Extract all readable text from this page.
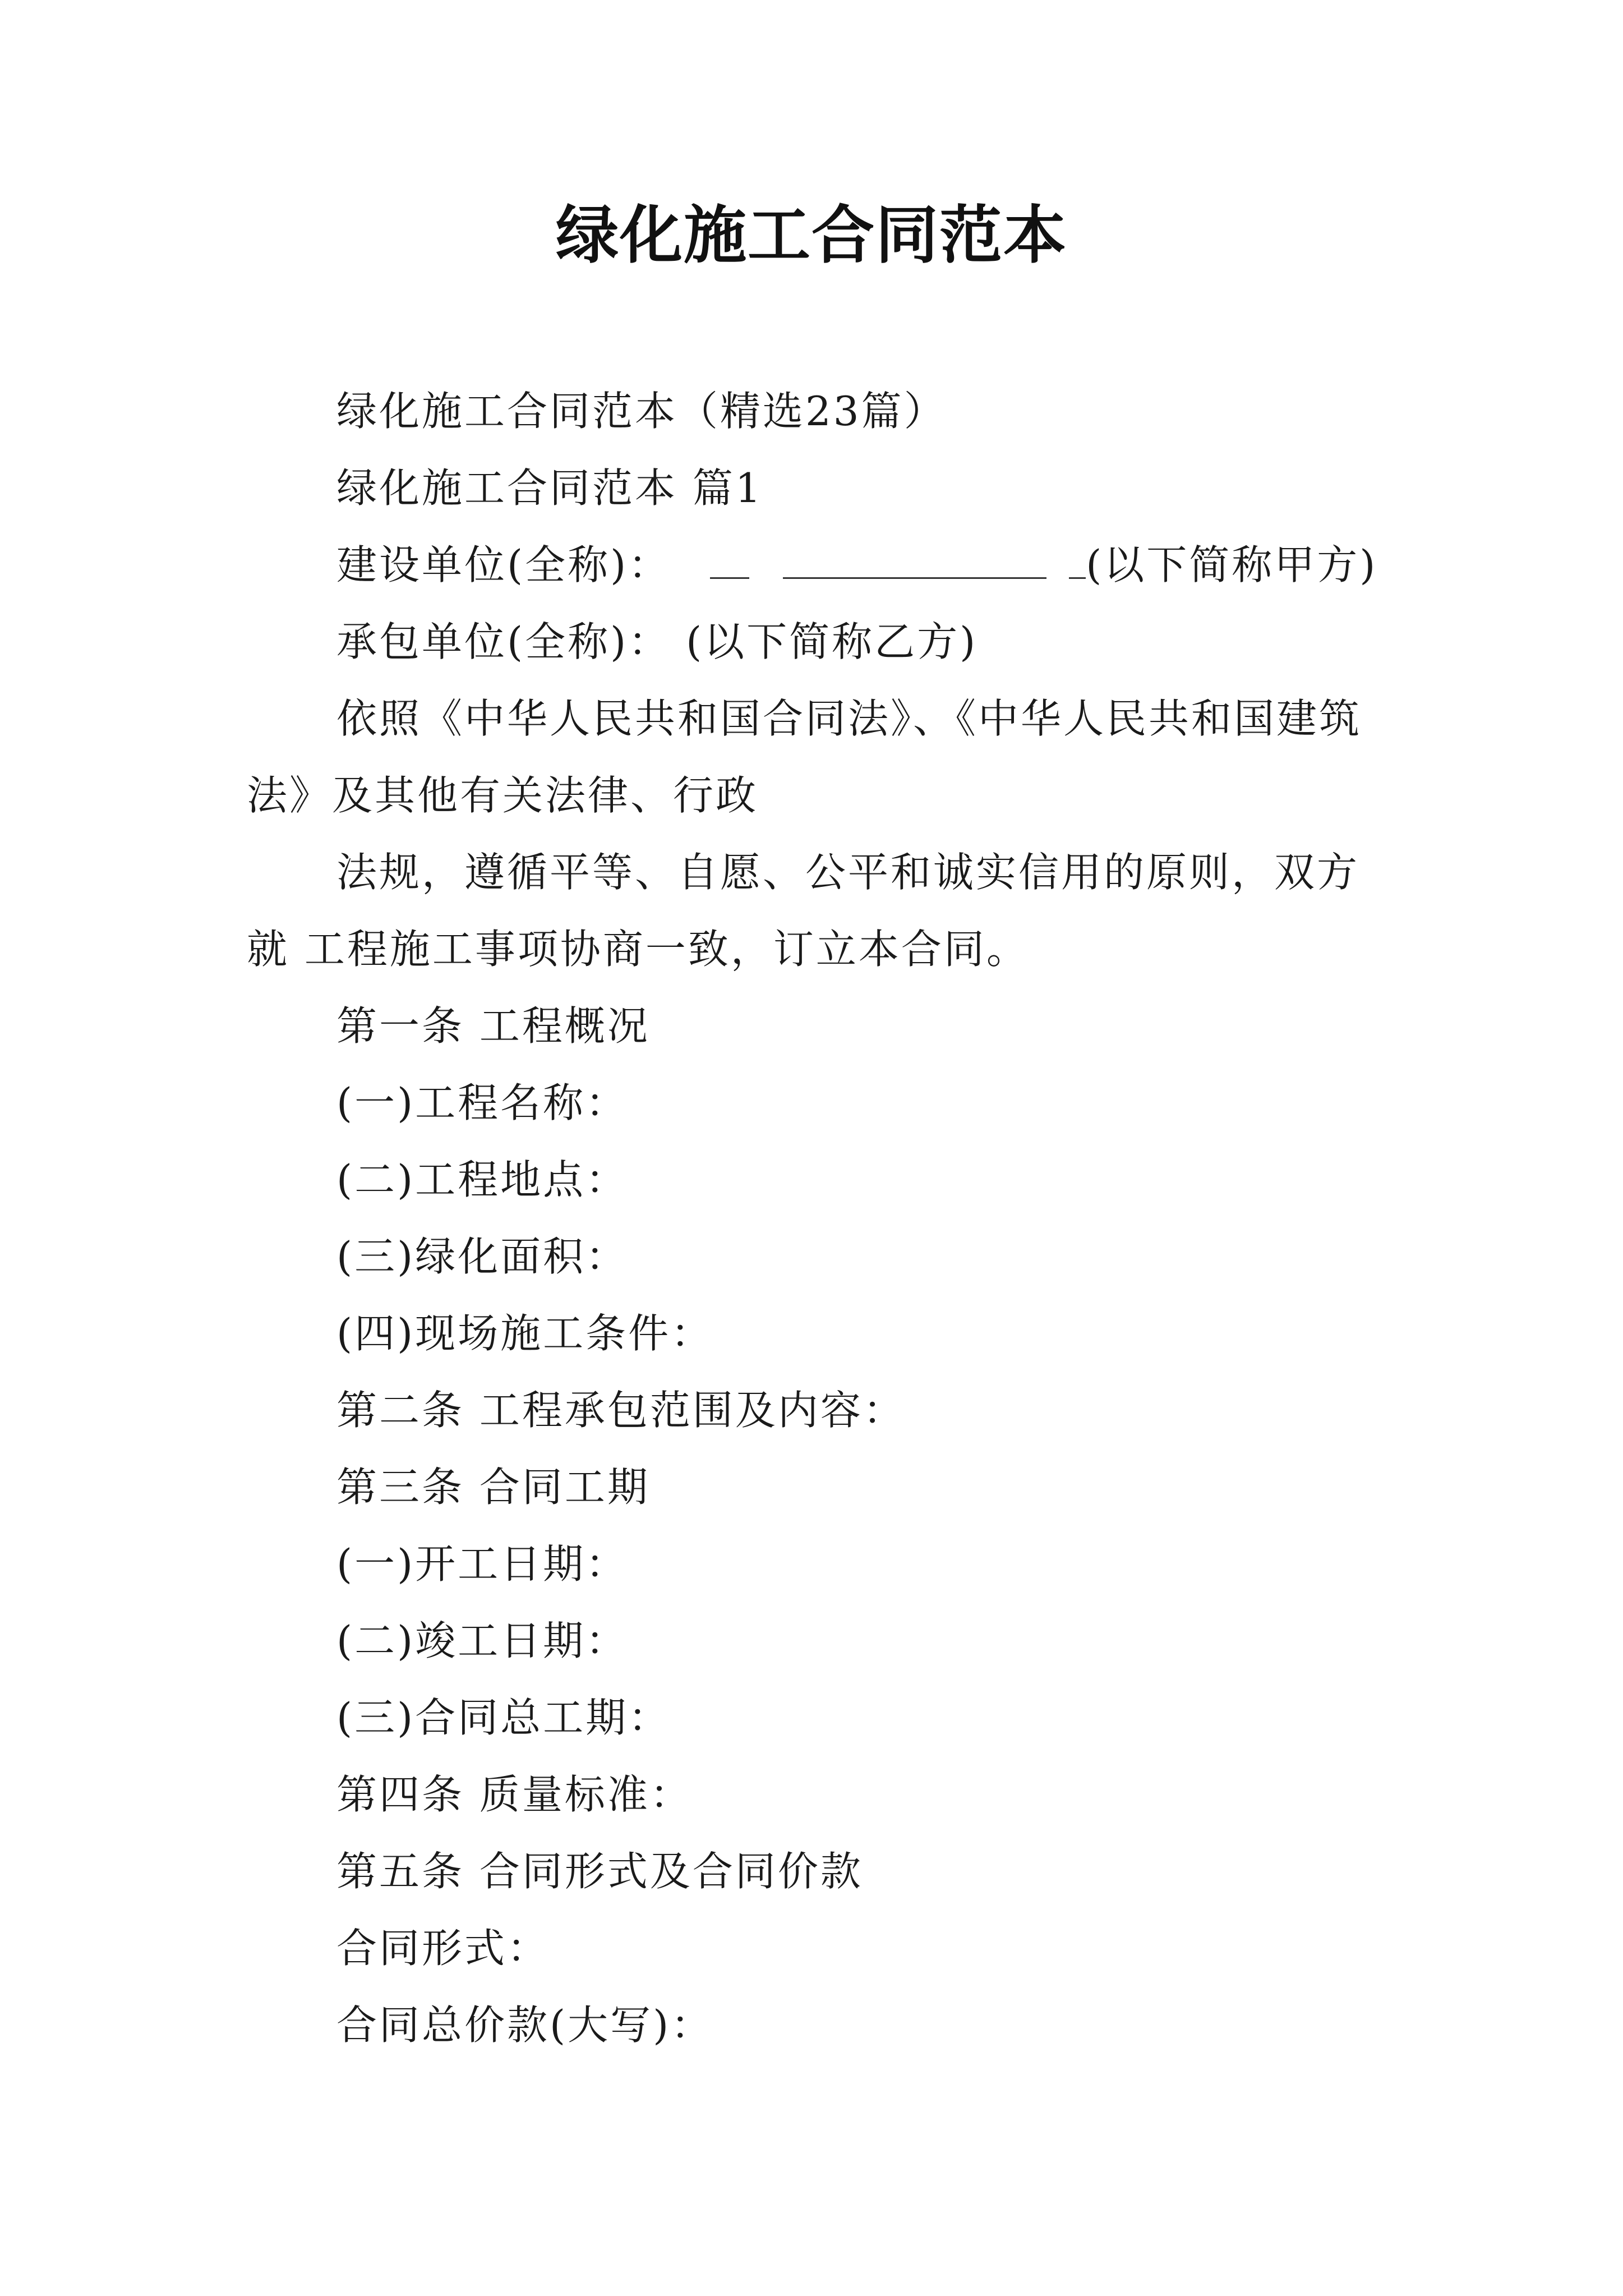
绿化施工合同范本

绿化施工合同范本（精选23篇）

绿化施工合同范本 篇1

建设单位(全称)：	(以下简称甲方)

承包单位(全称)： (以下简称乙方)

依照《中华人民共和国合同法》、《中华人民共和国建筑法》及其他有关法律、行政

法规，遵循平等、自愿、公平和诚实信用的原则，双方就 工程施工事项协商一致，订立本合同。

第一条 工程概况

(一)工程名称：

(二)工程地点：

(三)绿化面积：

(四)现场施工条件：

第二条 工程承包范围及内容：

第三条 合同工期

(一)开工日期：

(二)竣工日期：

(三)合同总工期：

第四条 质量标准：

第五条 合同形式及合同价款

合同形式：

合同总价款(大写)：
